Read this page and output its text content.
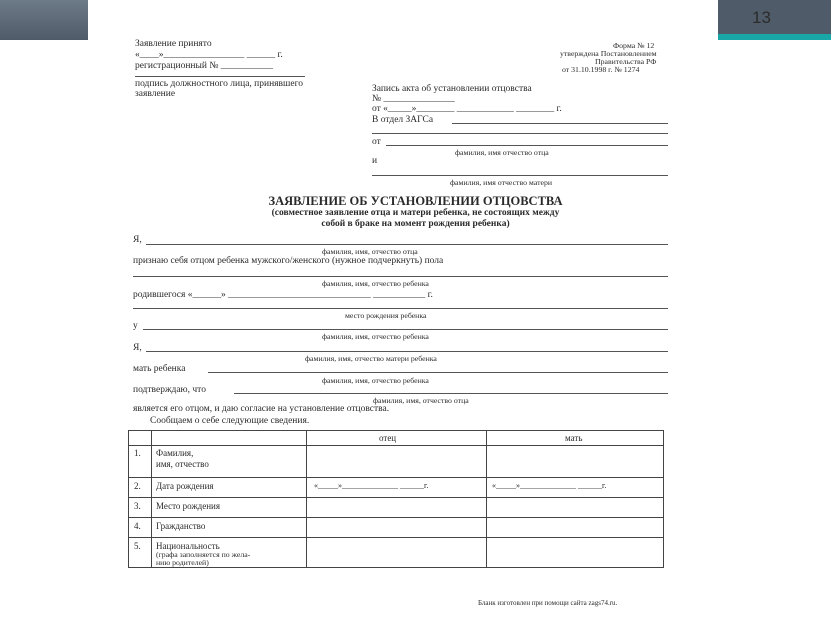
13
Заявление принято
«____»_________________ ______ г.
регистрационный № ___________
подпись должностного лица, принявшего
заявление
Форма № 12
утверждена Постановлением
Правительства РФ
от 31.10.1998 г. № 1274
Запись акта об установлении отцовства
№ _______________
от «_____»________ ____________ ________ г.
В отдел ЗАГСа
от
фамилия, имя отчество отца
и
фамилия, имя отчество матери
ЗАЯВЛЕНИЕ ОБ УСТАНОВЛЕНИИ ОТЦОВСТВА
(совместное заявление отца и матери ребенка, не состоящих между
собой в браке на момент рождения ребенка)
Я,
фамилия, имя, отчество отца
признаю себя отцом ребенка мужского/женского (нужное подчеркнуть) пола
фамилия, имя, отчество ребенка
родившегося «______» ______________________________ ___________ г.
место рождения ребенка
у
фамилия, имя, отчество ребенка
Я,
фамилия, имя, отчество матери ребенка
мать ребенка
фамилия, имя, отчество ребенка
подтверждаю, что
фамилия, имя, отчество отца
является его отцом, и даю согласие на установление отцовства.
Сообщаем о себе следующие сведения.
отец	мать
1. Фамилия,
имя, отчество
2. Дата рождения	«_____»______________ ______г.	«_____»______________ ______г.
3. Место рождения
4. Гражданство
5. Национальность
(графа заполняется по жела-
нию родителей)
Бланк изготовлен при помощи сайта zags74.ru.
